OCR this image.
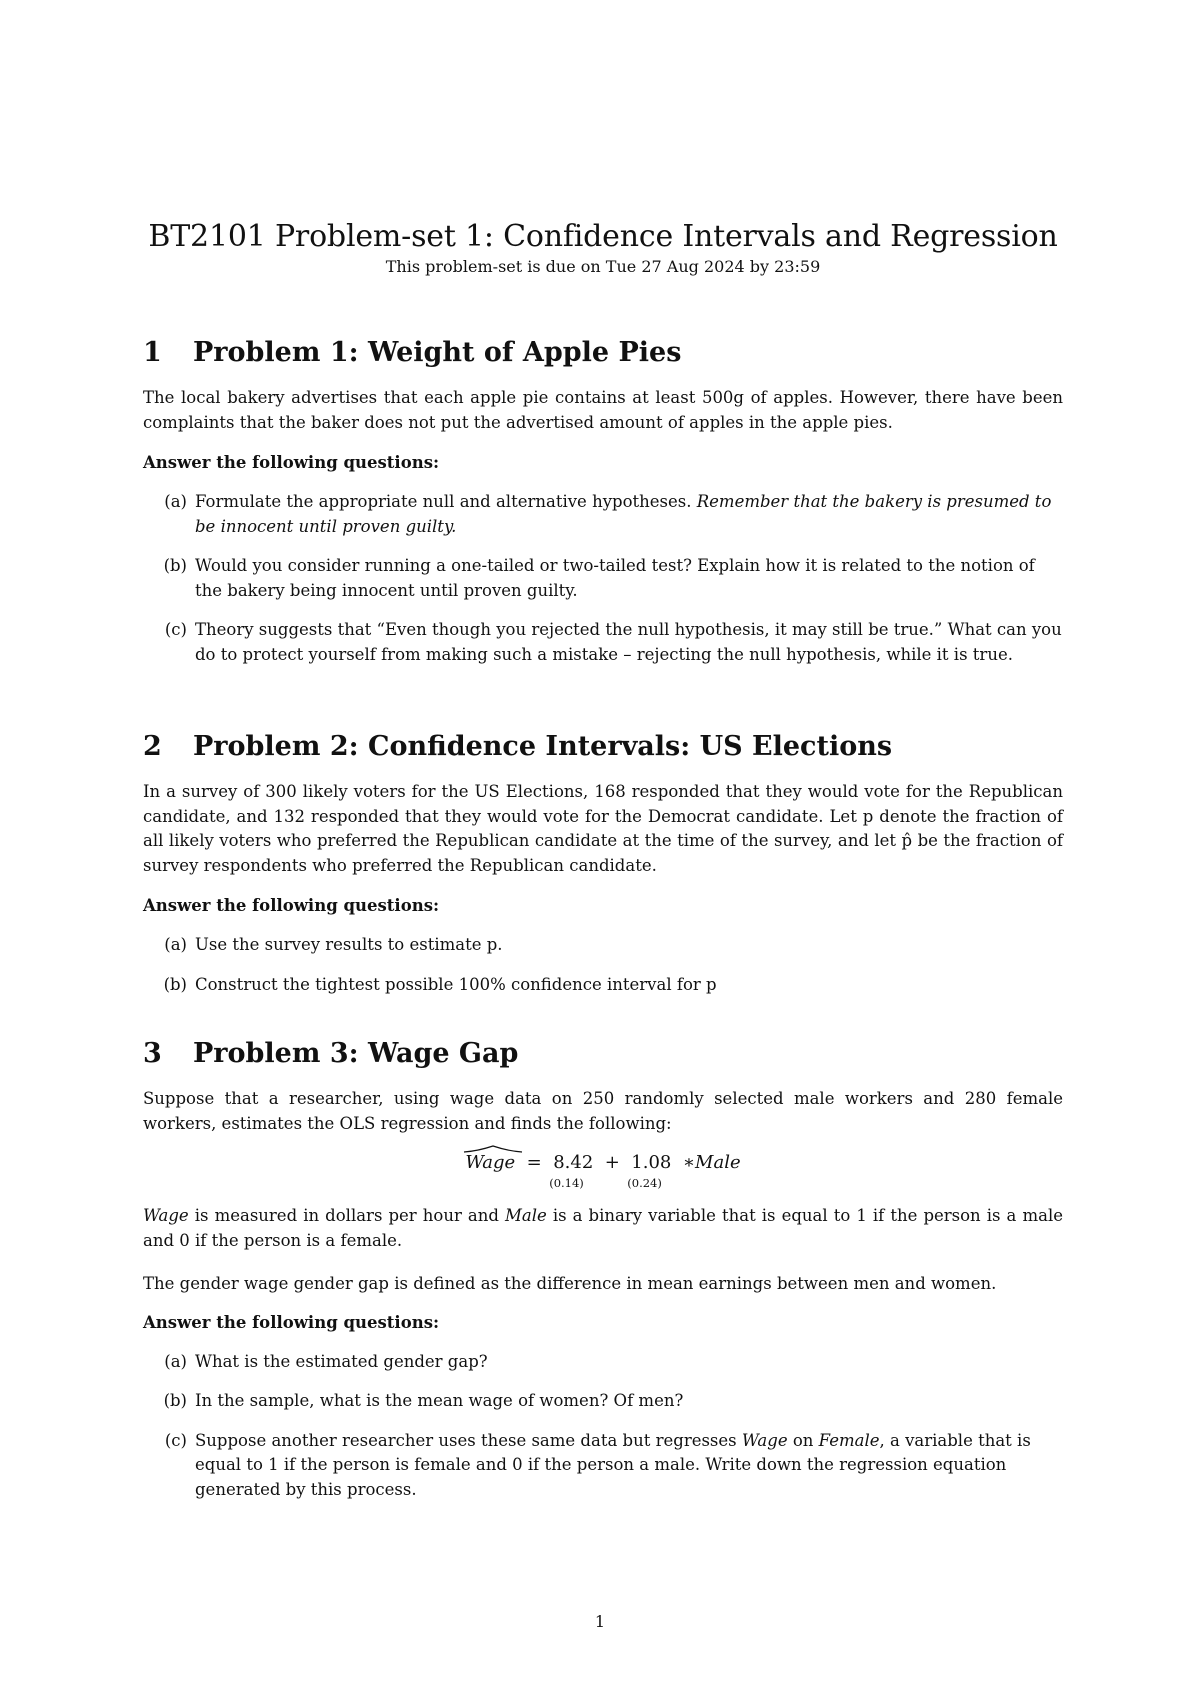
BT2101 Problem-set 1: Confidence Intervals and Regression
This problem-set is due on Tue 27 Aug 2024 by 23:59
1	Problem 1: Weight of Apple Pies

The local bakery advertises that each apple pie contains at least 500g of apples. However, there have been complaints that the baker does not put the advertised amount of apples in the apple pies.

Answer the following questions:

(a) Formulate the appropriate null and alternative hypotheses. Remember that the bakery is presumed to be innocent until proven guilty.
(b) Would you consider running a one-tailed or two-tailed test? Explain how it is related to the notion of the bakery being innocent until proven guilty.
(c) Theory suggests that “Even though you rejected the null hypothesis, it may still be true.” What can you do to protect yourself from making such a mistake – rejecting the null hypothesis, while it is true.
2	Problem 2: Confidence Intervals: US Elections

In a survey of 300 likely voters for the US Elections, 168 responded that they would vote for the Republican candidate, and 132 responded that they would vote for the Democrat candidate. Let p denote the fraction of all likely voters who preferred the Republican candidate at the time of the survey, and let p̂ be the fraction of survey respondents who preferred the Republican candidate.

Answer the following questions:

(a) Use the survey results to estimate p.
(b) Construct the tightest possible 100% confidence interval for p
3	Problem 3: Wage Gap

Suppose that a researcher, using wage data on 250 randomly selected male workers and 280 female workers, estimates the OLS regression and finds the following:

Wage = 8.42
(0.14)
+ 1.08
(0.24)
∗Male

Wage is measured in dollars per hour and Male is a binary variable that is equal to 1 if the person is a male and 0 if the person is a female.

The gender wage gender gap is defined as the difference in mean earnings between men and women.

Answer the following questions:

(a) What is the estimated gender gap?
(b) In the sample, what is the mean wage of women? Of men?
(c) Suppose another researcher uses these same data but regresses Wage on Female, a variable that is equal to 1 if the person is female and 0 if the person a male. Write down the regression equation generated by this process.
1
